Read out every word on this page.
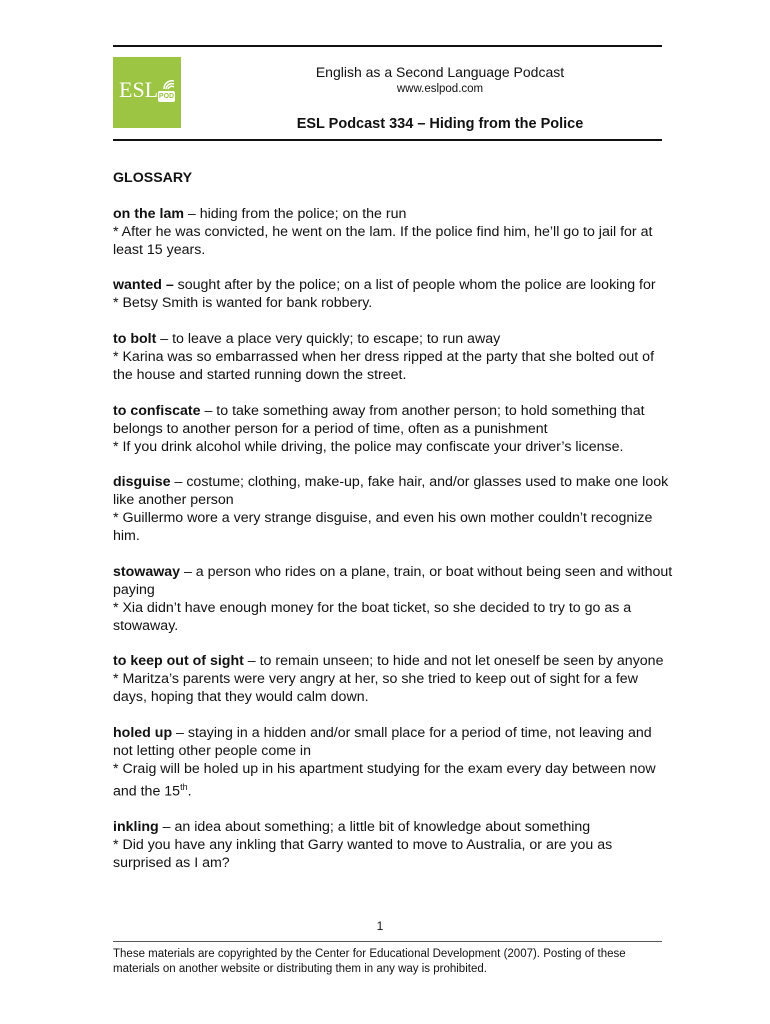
ESL POD
English as a Second Language Podcast
www.eslpod.com
ESL Podcast 334 – Hiding from the Police
GLOSSARY
on the lam – hiding from the police; on the run
* After he was convicted, he went on the lam. If the police find him, he’ll go to jail for at least 15 years.
wanted – sought after by the police; on a list of people whom the police are looking for
* Betsy Smith is wanted for bank robbery.
to bolt – to leave a place very quickly; to escape; to run away
* Karina was so embarrassed when her dress ripped at the party that she bolted out of the house and started running down the street.
to confiscate – to take something away from another person; to hold something that belongs to another person for a period of time, often as a punishment
* If you drink alcohol while driving, the police may confiscate your driver’s license.
disguise – costume; clothing, make-up, fake hair, and/or glasses used to make one look like another person
* Guillermo wore a very strange disguise, and even his own mother couldn’t recognize him.
stowaway – a person who rides on a plane, train, or boat without being seen and without paying
* Xia didn’t have enough money for the boat ticket, so she decided to try to go as a stowaway.
to keep out of sight – to remain unseen; to hide and not let oneself be seen by anyone
* Maritza’s parents were very angry at her, so she tried to keep out of sight for a few days, hoping that they would calm down.
holed up – staying in a hidden and/or small place for a period of time, not leaving and not letting other people come in
* Craig will be holed up in his apartment studying for the exam every day between now and the 15th.
inkling – an idea about something; a little bit of knowledge about something
* Did you have any inkling that Garry wanted to move to Australia, or are you as surprised as I am?
1
These materials are copyrighted by the Center for Educational Development (2007). Posting of these materials on another website or distributing them in any way is prohibited.
